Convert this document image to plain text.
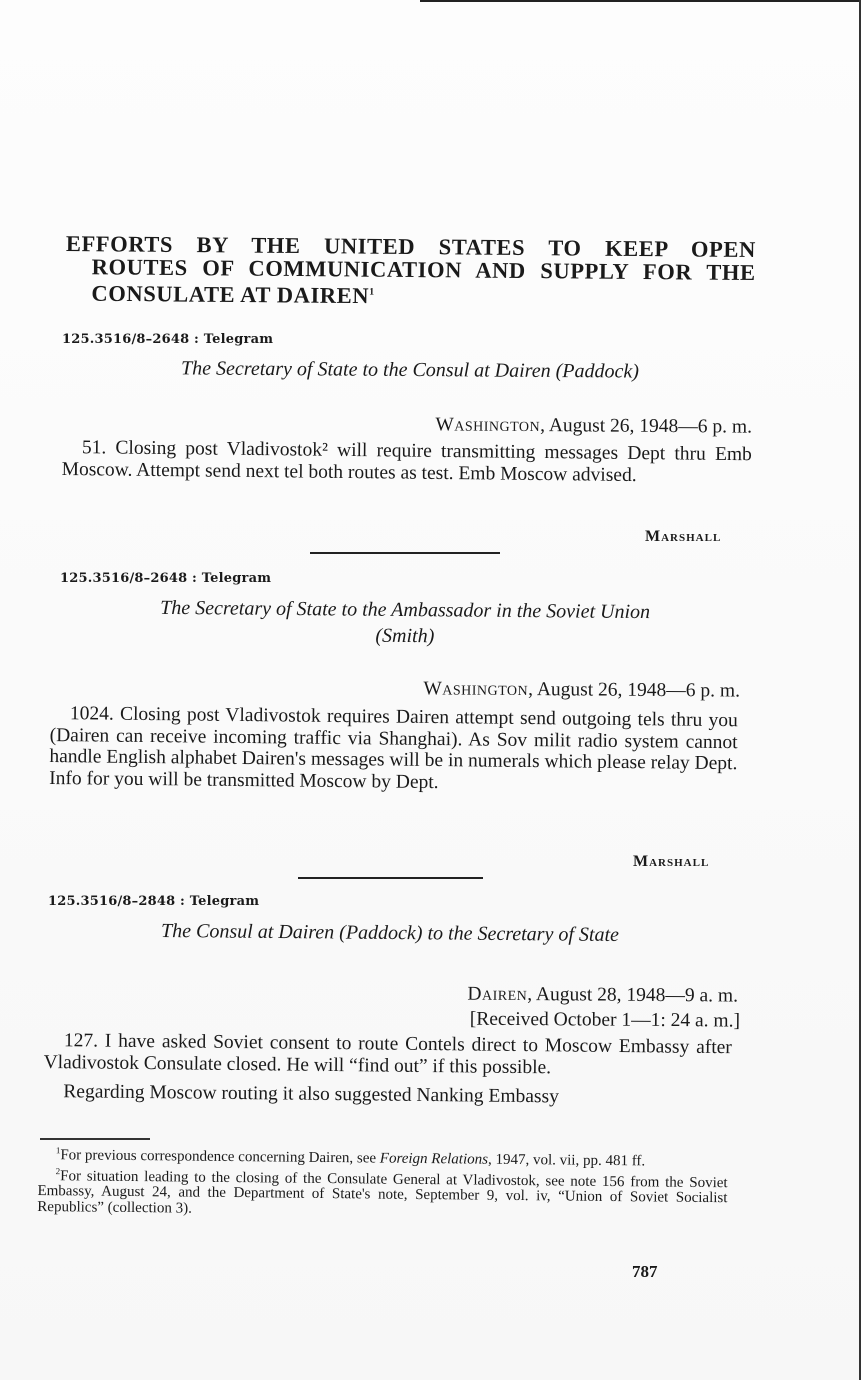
EFFORTS BY THE UNITED STATES TO KEEP OPEN
ROUTES OF COMMUNICATION AND SUPPLY FOR THE
CONSULATE AT DAIREN$^1$
125.3516/8–2648 : Telegram
The Secretary of State to the Consul at Dairen (Paddock)
Washington, August 26, 1948—6 p. m.

51. Closing post Vladivostok² will require transmitting messages Dept thru Emb Moscow. Attempt send next tel both routes as test. Emb Moscow advised.

Marshall
125.3516/8–2648 : Telegram
The Secretary of State to the Ambassador in the Soviet Union
(Smith)
Washington, August 26, 1948—6 p. m.

1024. Closing post Vladivostok requires Dairen attempt send outgoing tels thru you (Dairen can receive incoming traffic via Shanghai). As Sov milit radio system cannot handle English alphabet Dairen's messages will be in numerals which please relay Dept. Info for you will be transmitted Moscow by Dept.

Marshall
125.3516/8–2848 : Telegram
The Consul at Dairen (Paddock) to the Secretary of State
Dairen, August 28, 1948—9 a. m.
[Received October 1—1: 24 a. m.]

127. I have asked Soviet consent to route Contels direct to Moscow Embassy after Vladivostok Consulate closed. He will “find out” if this possible.

Regarding Moscow routing it also suggested Nanking Embassy

$^1$For previous correspondence concerning Dairen, see Foreign Relations, 1947, vol. vii, pp. 481 ff.

$^2$For situation leading to the closing of the Consulate General at Vladivostok, see note 156 from the Soviet Embassy, August 24, and the Department of State's note, September 9, vol. iv, “Union of Soviet Socialist Republics” (collection 3).

787
